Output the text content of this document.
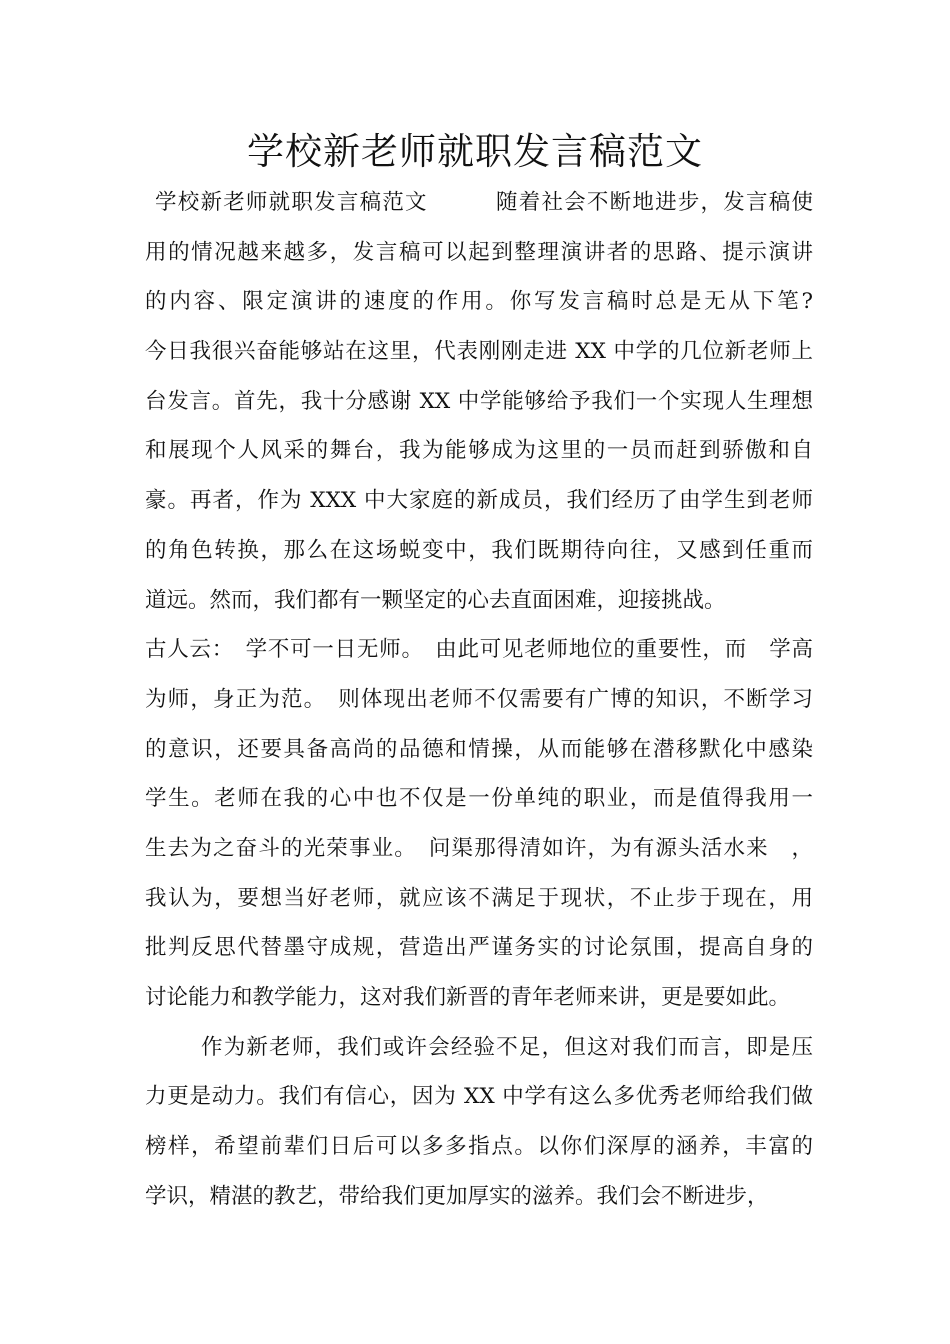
学校新老师就职发言稿范文
学校新老师就职发言稿范文　　　随着社会不断地进步，发言稿使
用的情况越来越多，发言稿可以起到整理演讲者的思路、提示演讲
的内容、限定演讲的速度的作用。你写发言稿时总是无从下笔?
今日我很兴奋能够站在这里，代表刚刚走进 XX 中学的几位新老师上
台发言。首先，我十分感谢 XX 中学能够给予我们一个实现人生理想
和展现个人风采的舞台，我为能够成为这里的一员而赶到骄傲和自
豪。再者，作为 XXX 中大家庭的新成员，我们经历了由学生到老师
的角色转换，那么在这场蜕变中，我们既期待向往，又感到任重而
道远。然而，我们都有一颗坚定的心去直面困难，迎接挑战。
古人云：　学不可一日无师。　由此可见老师地位的重要性，而　学高
为师，身正为范。　则体现出老师不仅需要有广博的知识，不断学习
的意识，还要具备高尚的品德和情操，从而能够在潜移默化中感染
学生。老师在我的心中也不仅是一份单纯的职业，而是值得我用一
生去为之奋斗的光荣事业。　问渠那得清如许，为有源头活水来　，
我认为，要想当好老师，就应该不满足于现状，不止步于现在，用
批判反思代替墨守成规，营造出严谨务实的讨论氛围，提高自身的
讨论能力和教学能力，这对我们新晋的青年老师来讲，更是要如此。
作为新老师，我们或许会经验不足，但这对我们而言，即是压
力更是动力。我们有信心，因为 XX 中学有这么多优秀老师给我们做
榜样，希望前辈们日后可以多多指点。以你们深厚的涵养，丰富的
学识，精湛的教艺，带给我们更加厚实的滋养。我们会不断进步，
